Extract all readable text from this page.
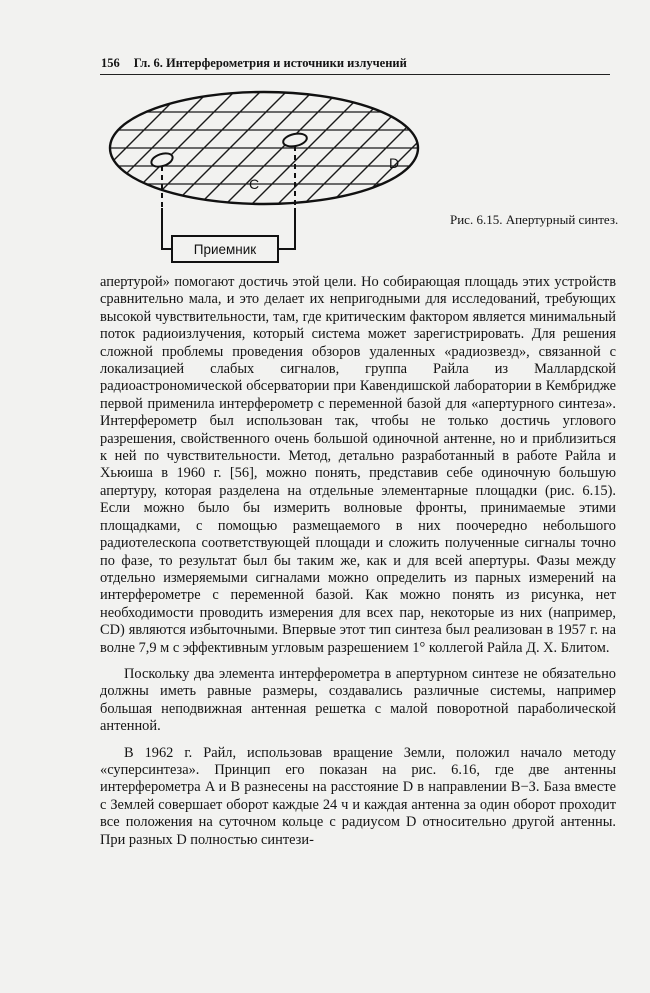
156 Гл. 6. Интерферометрия и источники излучений
Приемник
C
D
Рис. 6.15. Апертурный синтез.

апертурой» помогают достичь этой цели. Но собирающая площадь этих устройств сравнительно мала, и это делает их непригодными для исследований, требующих высокой чувствительности, там, где критическим фактором является минимальный поток радиоизлучения, который система может зарегистрировать. Для решения сложной проблемы проведения обзоров удаленных «радиозвезд», связанной с локализацией слабых сигналов, группа Райла из Маллардской радиоастрономической обсерватории при Кавендишской лаборатории в Кембридже первой применила интерферометр с переменной базой для «апертурного синтеза». Интерферометр был использован так, чтобы не только достичь углового разрешения, свойственного очень большой одиночной антенне, но и приблизиться к ней по чувствительности. Метод, детально разработанный в работе Райла и Хьюиша в 1960 г. [56], можно понять, представив себе одиночную большую апертуру, которая разделена на отдельные элементарные площадки (рис. 6.15). Если можно было бы измерить волновые фронты, принимаемые этими площадками, с помощью размещаемого в них поочередно небольшого радиотелескопа соответствующей площади и сложить полученные сигналы точно по фазе, то результат был бы таким же, как и для всей апертуры. Фазы между отдельно измеряемыми сигналами можно определить из парных измерений на интерферометре с переменной базой. Как можно понять из рисунка, нет необходимости проводить измерения для всех пар, некоторые из них (например, CD) являются избыточными. Впервые этот тип синтеза был реализован в 1957 г. на волне 7,9 м с эффективным угловым разрешением 1° коллегой Райла Д. Х. Блитом.

Поскольку два элемента интерферометра в апертурном синтезе не обязательно должны иметь равные размеры, создавались различные системы, например большая неподвижная антенная решетка с малой поворотной параболической антенной.

В 1962 г. Райл, использовав вращение Земли, положил начало методу «суперсинтеза». Принцип его показан на рис. 6.16, где две антенны интерферометра A и B разнесены на расстояние D в направлении В−З. База вместе с Землей совершает оборот каждые 24 ч и каждая антенна за один оборот проходит все положения на суточном кольце с радиусом D относительно другой антенны. При разных D полностью синтези-
